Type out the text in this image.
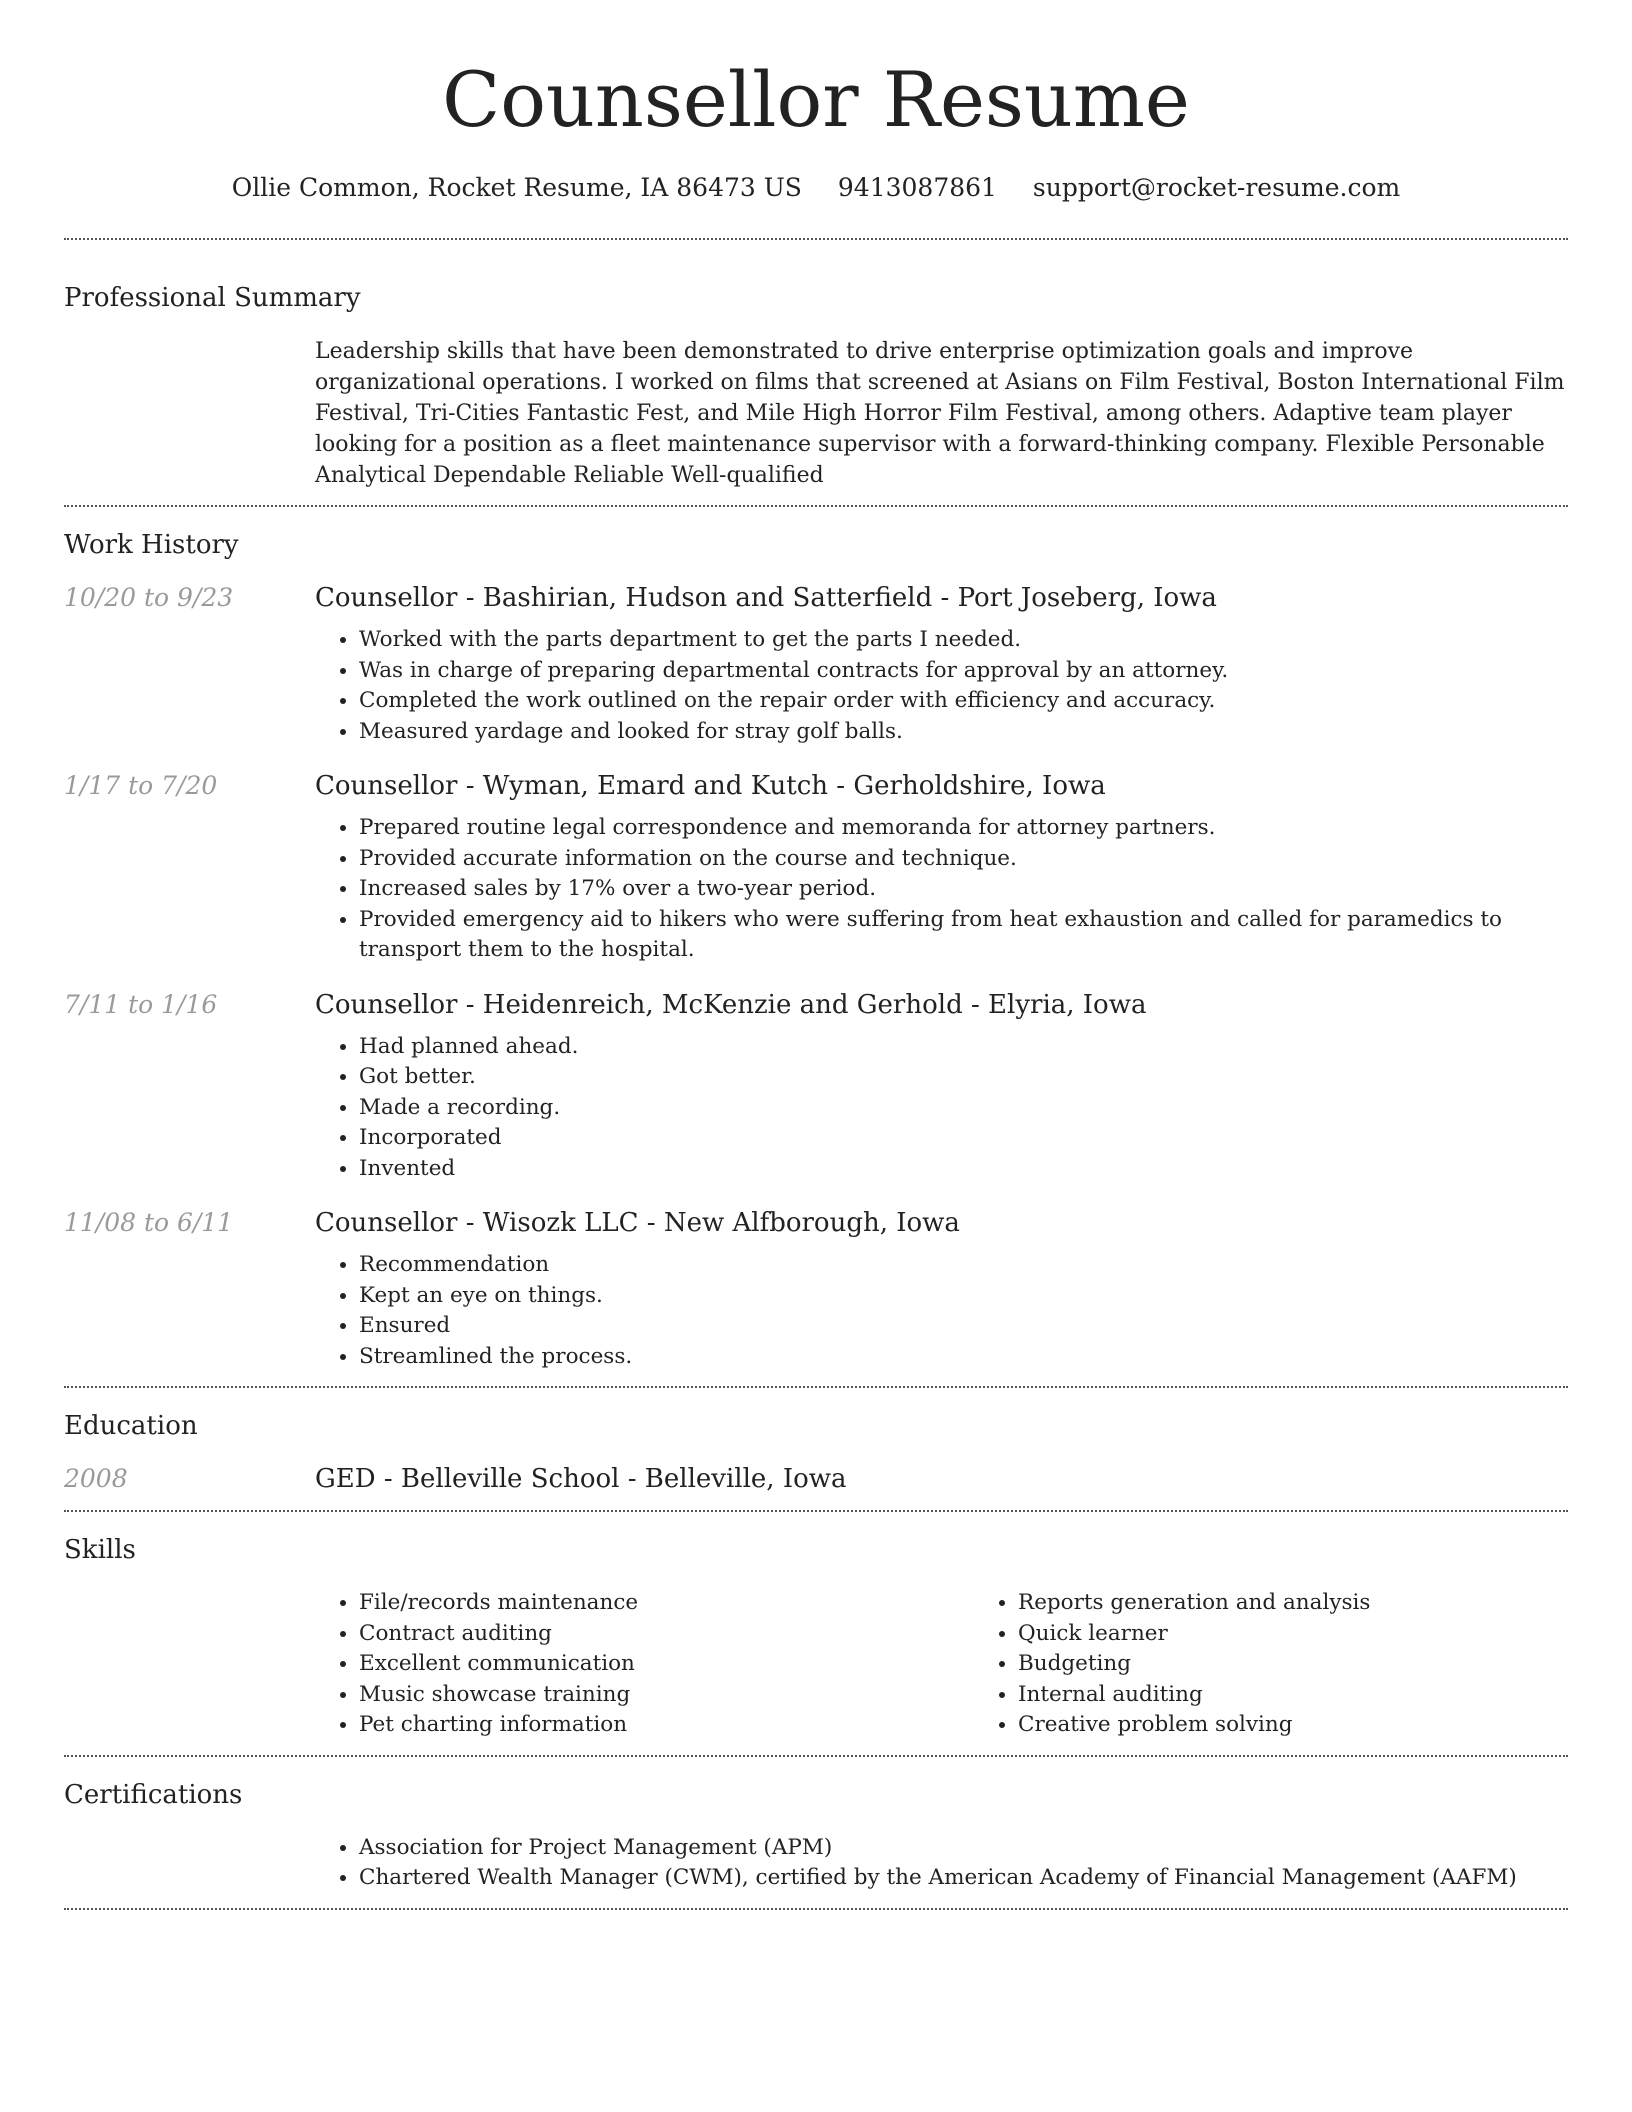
Counsellor Resume
Ollie Common, Rocket Resume, IA 86473 US 9413087861 support@rocket-resume.com
Professional Summary
Leadership skills that have been demonstrated to drive enterprise optimization goals and improve organizational operations. I worked on films that screened at Asians on Film Festival, Boston International Film Festival, Tri-Cities Fantastic Fest, and Mile High Horror Film Festival, among others. Adaptive team player looking for a position as a fleet maintenance supervisor with a forward-thinking company. Flexible Personable Analytical Dependable Reliable Well-qualified
Work History
10/20 to 9/23	Counsellor - Bashirian, Hudson and Satterfield - Port Joseberg, Iowa
• Worked with the parts department to get the parts I needed.
• Was in charge of preparing departmental contracts for approval by an attorney.
• Completed the work outlined on the repair order with efficiency and accuracy.
• Measured yardage and looked for stray golf balls.
1/17 to 7/20	Counsellor - Wyman, Emard and Kutch - Gerholdshire, Iowa
• Prepared routine legal correspondence and memoranda for attorney partners.
• Provided accurate information on the course and technique.
• Increased sales by 17% over a two-year period.
• Provided emergency aid to hikers who were suffering from heat exhaustion and called for paramedics to transport them to the hospital.
7/11 to 1/16	Counsellor - Heidenreich, McKenzie and Gerhold - Elyria, Iowa
• Had planned ahead.
• Got better.
• Made a recording.
• Incorporated
• Invented
11/08 to 6/11	Counsellor - Wisozk LLC - New Alfborough, Iowa
• Recommendation
• Kept an eye on things.
• Ensured
• Streamlined the process.
Education
2008	GED - Belleville School - Belleville, Iowa
Skills
• File/records maintenance
• Contract auditing
• Excellent communication
• Music showcase training
• Pet charting information
• Reports generation and analysis
• Quick learner
• Budgeting
• Internal auditing
• Creative problem solving
Certifications
• Association for Project Management (APM)
• Chartered Wealth Manager (CWM), certified by the American Academy of Financial Management (AAFM)
